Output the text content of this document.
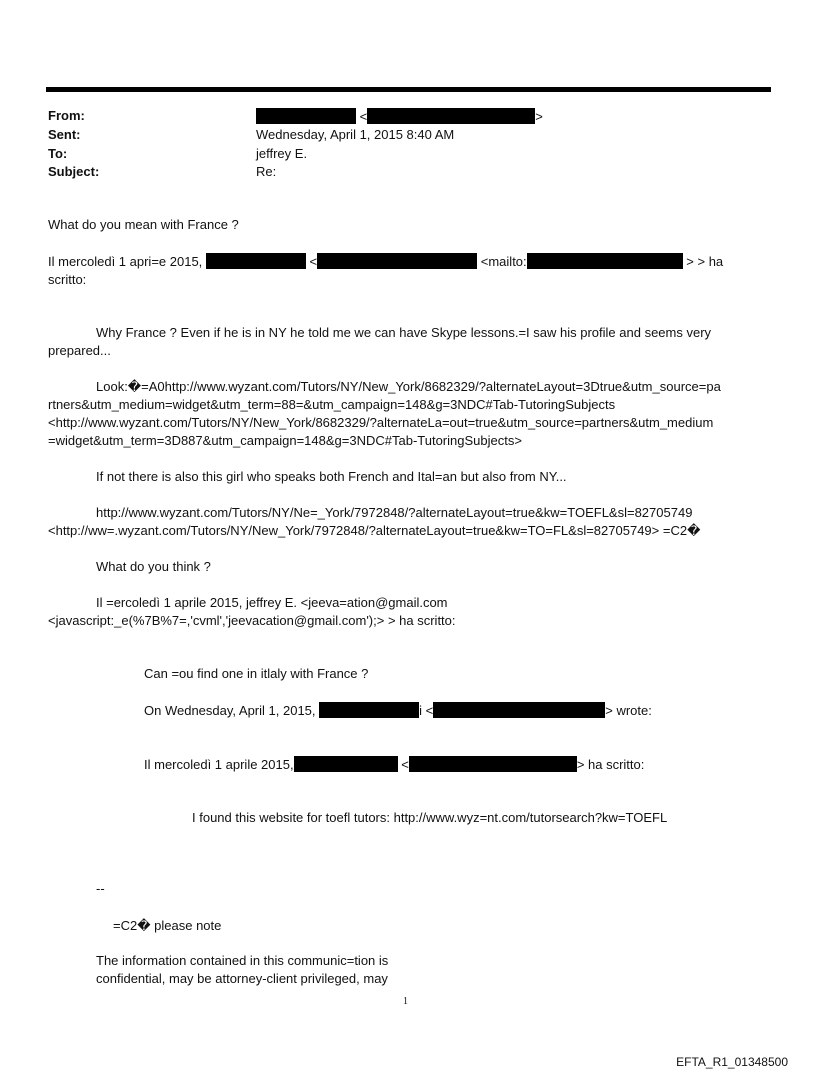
From:	<	>
Sent:	Wednesday, April 1, 2015 8:40 AM
To:	jeffrey E.
Subject:	Re:
What do you mean with France ?
Il mercoledì 1 apri=e 2015,	<	<mailto:	> > ha
scritto:
Why France ? Even if he is in NY he told me we can have Skype lessons.=I saw his profile and seems very
prepared...
Look:�=A0http://www.wyzant.com/Tutors/NY/New_York/8682329/?alternateLayout=3Dtrue&utm_source=pa
rtners&utm_medium=widget&utm_term=88=&utm_campaign=148&g=3NDC#Tab-TutoringSubjects
<http://www.wyzant.com/Tutors/NY/New_York/8682329/?alternateLa=out=true&utm_source=partners&utm_medium
=widget&utm_term=3D887&utm_campaign=148&g=3NDC#Tab-TutoringSubjects>
If not there is also this girl who speaks both French and Ital=an but also from NY...
http://www.wyzant.com/Tutors/NY/Ne=_York/7972848/?alternateLayout=true&kw=TOEFL&sl=82705749
<http://ww=.wyzant.com/Tutors/NY/New_York/7972848/?alternateLayout=true&kw=TO=FL&sl=82705749> =C2�
What do you think ?
Il =ercoledì 1 aprile 2015, jeffrey E. <jeeva=ation@gmail.com
<javascript:_e(%7B%7=,'cvml','jeevacation@gmail.com');> > ha scritto:
Can =ou find one in itlaly with France ?
On Wednesday, April 1, 2015,	i <	> wrote:
Il mercoledì 1 aprile 2015,	<	> ha scritto:
I found this website for toefl tutors: http://www.wyz=nt.com/tutorsearch?kw=TOEFL
--
=C2� please note
The information contained in this communic=tion is
confidential, may be attorney-client privileged, may
1
EFTA_R1_01348500
